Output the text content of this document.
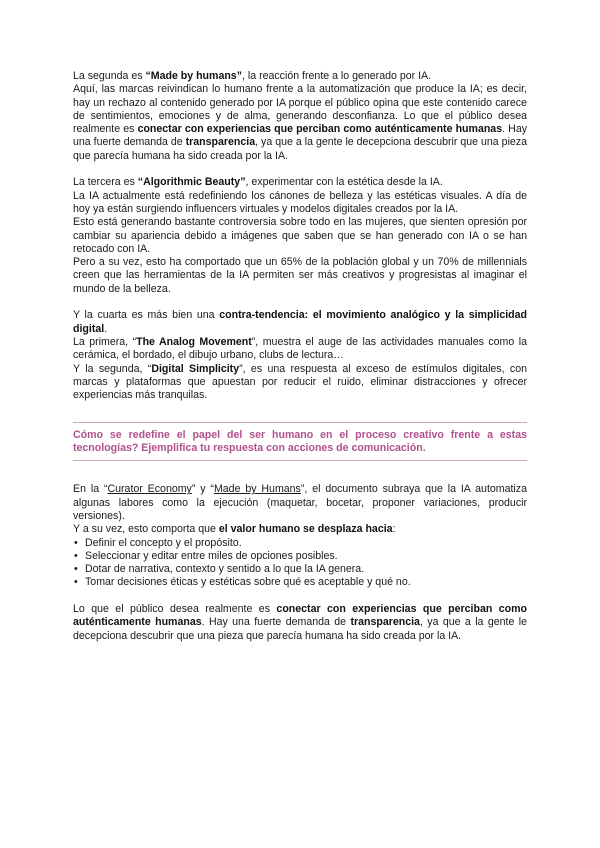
La segunda es “Made by humans”, la reacción frente a lo generado por IA.

Aquí, las marcas reivindican lo humano frente a la automatización que produce la IA; es decir, hay un rechazo al contenido generado por IA porque el público opina que este contenido carece de sentimientos, emociones y de alma, generando desconfianza. Lo que el público desea realmente es conectar con experiencias que perciban como auténticamente humanas. Hay una fuerte demanda de transparencia, ya que a la gente le decepciona descubrir que una pieza que parecía humana ha sido creada por la IA.

La tercera es “Algorithmic Beauty”, experimentar con la estética desde la IA.

La IA actualmente está redefiniendo los cánones de belleza y las estéticas visuales. A día de hoy ya están surgiendo influencers virtuales y modelos digitales creados por la IA.

Esto está generando bastante controversia sobre todo en las mujeres, que sienten opresión por cambiar su apariencia debido a imágenes que saben que se han generado con IA o se han retocado con IA.

Pero a su vez, esto ha comportado que un 65% de la población global y un 70% de millennials creen que las herramientas de la IA permiten ser más creativos y progresistas al imaginar el mundo de la belleza.

Y la cuarta es más bien una contra-tendencia: el movimiento analógico y la simplicidad digital.

La primera, “The Analog Movement”, muestra el auge de las actividades manuales como la cerámica, el bordado, el dibujo urbano, clubs de lectura…

Y la segunda, “Digital Simplicity”, es una respuesta al exceso de estímulos digitales, con marcas y plataformas que apuestan por reducir el ruido, eliminar distracciones y ofrecer experiencias más tranquilas.

Cómo se redefine el papel del ser humano en el proceso creativo frente a estas tecnologías? Ejemplifica tu respuesta con acciones de comunicación.

En la “Curator Economy” y “Made by Humans”, el documento subraya que la IA automatiza algunas labores como la ejecución (maquetar, bocetar, proponer variaciones, producir versiones).

Y a su vez, esto comporta que el valor humano se desplaza hacia:

• Definir el concepto y el propósito.
• Seleccionar y editar entre miles de opciones posibles.
• Dotar de narrativa, contexto y sentido a lo que la IA genera.
• Tomar decisiones éticas y estéticas sobre qué es aceptable y qué no.

Lo que el público desea realmente es conectar con experiencias que perciban como auténticamente humanas. Hay una fuerte demanda de transparencia, ya que a la gente le decepciona descubrir que una pieza que parecía humana ha sido creada por la IA.
